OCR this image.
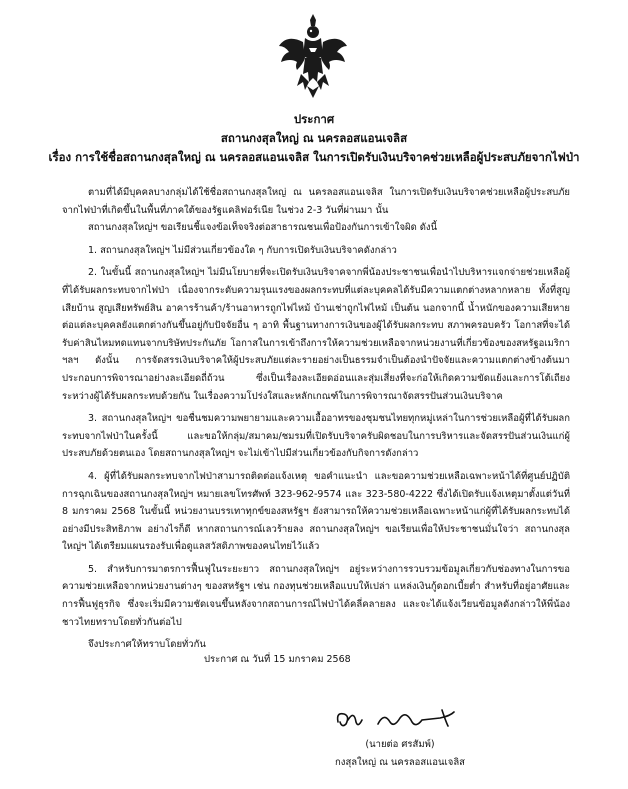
ประกาศ
สถานกงสุลใหญ่ ณ นครลอสแอนเจลิส
เรื่อง การใช้ชื่อสถานกงสุลใหญ่ ณ นครลอสแอนเจลิส ในการเปิดรับเงินบริจาคช่วยเหลือผู้ประสบภัยจากไฟป่า

ตามที่ได้มีบุคคลบางกลุ่มได้ใช้ชื่อสถานกงสุลใหญ่ ณ นครลอสแอนเจลิส ในการเปิดรับเงินบริจาคช่วยเหลือผู้ประสบภัยจากไฟป่าที่เกิดขึ้นในพื้นที่ภาคใต้ของรัฐแคลิฟอร์เนีย ในช่วง 2-3 วันที่ผ่านมา นั้น

สถานกงสุลใหญ่ฯ ขอเรียนชี้แจงข้อเท็จจริงต่อสาธารณชนเพื่อป้องกันการเข้าใจผิด ดังนี้

1. สถานกงสุลใหญ่ฯ ไม่มีส่วนเกี่ยวข้องใด ๆ กับการเปิดรับเงินบริจาคดังกล่าว

2. ในขั้นนี้ สถานกงสุลใหญ่ฯ ไม่มีนโยบายที่จะเปิดรับเงินบริจาคจากพี่น้องประชาชนเพื่อนำไปบริหารแจกจ่ายช่วยเหลือผู้ที่ได้รับผลกระทบจากไฟป่า เนื่องจากระดับความรุนแรงของผลกระทบที่แต่ละบุคคลได้รับมีความแตกต่างหลากหลาย ทั้งที่สูญเสียบ้าน สูญเสียทรัพย์สิน อาคารร้านค้า/ร้านอาหารถูกไฟไหม้ บ้านเช่าถูกไฟไหม้ เป็นต้น นอกจากนี้ น้ำหนักของความเสียหายต่อแต่ละบุคคลยังแตกต่างกันขึ้นอยู่กับปัจจัยอื่น ๆ อาทิ พื้นฐานทางการเงินของผู้ได้รับผลกระทบ สภาพครอบครัว โอกาสที่จะได้รับค่าสินไหมทดแทนจากบริษัทประกันภัย โอกาสในการเข้าถึงการให้ความช่วยเหลือจากหน่วยงานที่เกี่ยวข้องของสหรัฐอเมริกา ฯลฯ ดังนั้น การจัดสรรเงินบริจาคให้ผู้ประสบภัยแต่ละรายอย่างเป็นธรรมจำเป็นต้องนำปัจจัยและความแตกต่างข้างต้นมาประกอบการพิจารณาอย่างละเอียดถี่ถ้วน ซึ่งเป็นเรื่องละเอียดอ่อนและสุ่มเสี่ยงที่จะก่อให้เกิดความขัดแย้งและการโต้เถียงระหว่างผู้ได้รับผลกระทบด้วยกัน ในเรื่องความโปร่งใสและหลักเกณฑ์ในการพิจารณาจัดสรรปันส่วนเงินบริจาค

3. สถานกงสุลใหญ่ฯ ขอชื่นชมความพยายามและความเอื้ออาทรของชุมชนไทยทุกหมู่เหล่าในการช่วยเหลือผู้ที่ได้รับผลกระทบจากไฟป่าในครั้งนี้ และขอให้กลุ่ม/สมาคม/ชมรมที่เปิดรับบริจาครับผิดชอบในการบริหารและจัดสรรปันส่วนเงินแก่ผู้ประสบภัยด้วยตนเอง โดยสถานกงสุลใหญ่ฯ จะไม่เข้าไปมีส่วนเกี่ยวข้องกับกิจการดังกล่าว

4. ผู้ที่ได้รับผลกระทบจากไฟป่าสามารถติดต่อแจ้งเหตุ ขอคำแนะนำ และขอความช่วยเหลือเฉพาะหน้าได้ที่ศูนย์ปฏิบัติการฉุกเฉินของสถานกงสุลใหญ่ฯ หมายเลขโทรศัพท์ 323-962-9574 และ 323-580-4222 ซึ่งได้เปิดรับแจ้งเหตุมาตั้งแต่วันที่ 8 มกราคม 2568 ในขั้นนี้ หน่วยงานบรรเทาทุกข์ของสหรัฐฯ ยังสามารถให้ความช่วยเหลือเฉพาะหน้าแก่ผู้ที่ได้รับผลกระทบได้อย่างมีประสิทธิภาพ อย่างไรก็ดี หากสถานการณ์เลวร้ายลง สถานกงสุลใหญ่ฯ ขอเรียนเพื่อให้ประชาชนมั่นใจว่า สถานกงสุลใหญ่ฯ ได้เตรียมแผนรองรับเพื่อดูแลสวัสดิภาพของคนไทยไว้แล้ว

5. สำหรับการมาตรการฟื้นฟูในระยะยาว สถานกงสุลใหญ่ฯ อยู่ระหว่างการรวบรวมข้อมูลเกี่ยวกับช่องทางในการขอความช่วยเหลือจากหน่วยงานต่างๆ ของสหรัฐฯ เช่น กองทุนช่วยเหลือแบบให้เปล่า แหล่งเงินกู้ดอกเบี้ยต่ำ สำหรับที่อยู่อาศัยและการฟื้นฟูธุรกิจ ซึ่งจะเริ่มมีความชัดเจนขึ้นหลังจากสถานการณ์ไฟป่าได้คลี่คลายลง และจะได้แจ้งเวียนข้อมูลดังกล่าวให้พี่น้องชาวไทยทราบโดยทั่วกันต่อไป

จึงประกาศให้ทราบโดยทั่วกัน

ประกาศ ณ วันที่ 15 มกราคม 2568
(นายต่อ ศรสัมพ์)
กงสุลใหญ่ ณ นครลอสแอนเจลิส
